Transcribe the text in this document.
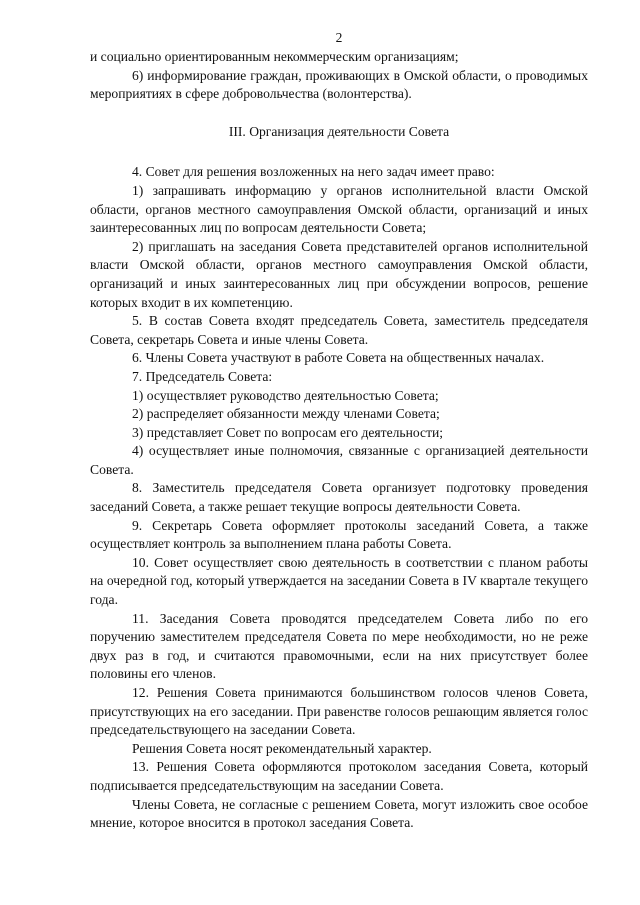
2

и социально ориентированным некоммерческим организациям;

6) информирование граждан, проживающих в Омской области, о проводимых мероприятиях в сфере добровольчества (волонтерства).

III. Организация деятельности Совета

4. Совет для решения возложенных на него задач имеет право:

1) запрашивать информацию у органов исполнительной власти Омской области, органов местного самоуправления Омской области, организаций и иных заинтересованных лиц по вопросам деятельности Совета;

2) приглашать на заседания Совета представителей органов исполнительной власти Омской области, органов местного самоуправления Омской области, организаций и иных заинтересованных лиц при обсуждении вопросов, решение которых входит в их компетенцию.

5. В состав Совета входят председатель Совета, заместитель председателя Совета, секретарь Совета и иные члены Совета.

6. Члены Совета участвуют в работе Совета на общественных началах.

7. Председатель Совета:

1) осуществляет руководство деятельностью Совета;

2) распределяет обязанности между членами Совета;

3) представляет Совет по вопросам его деятельности;

4) осуществляет иные полномочия, связанные с организацией деятельности Совета.

8. Заместитель председателя Совета организует подготовку проведения заседаний Совета, а также решает текущие вопросы деятельности Совета.

9. Секретарь Совета оформляет протоколы заседаний Совета, а также осуществляет контроль за выполнением плана работы Совета.

10. Совет осуществляет свою деятельность в соответствии с планом работы на очередной год, который утверждается на заседании Совета в IV квартале текущего года.

11. Заседания Совета проводятся председателем Совета либо по его поручению заместителем председателя Совета по мере необходимости, но не реже двух раз в год, и считаются правомочными, если на них присутствует более половины его членов.

12. Решения Совета принимаются большинством голосов членов Совета, присутствующих на его заседании. При равенстве голосов решающим является голос председательствующего на заседании Совета.

Решения Совета носят рекомендательный характер.

13. Решения Совета оформляются протоколом заседания Совета, который подписывается председательствующим на заседании Совета.

Члены Совета, не согласные с решением Совета, могут изложить свое особое мнение, которое вносится в протокол заседания Совета.
